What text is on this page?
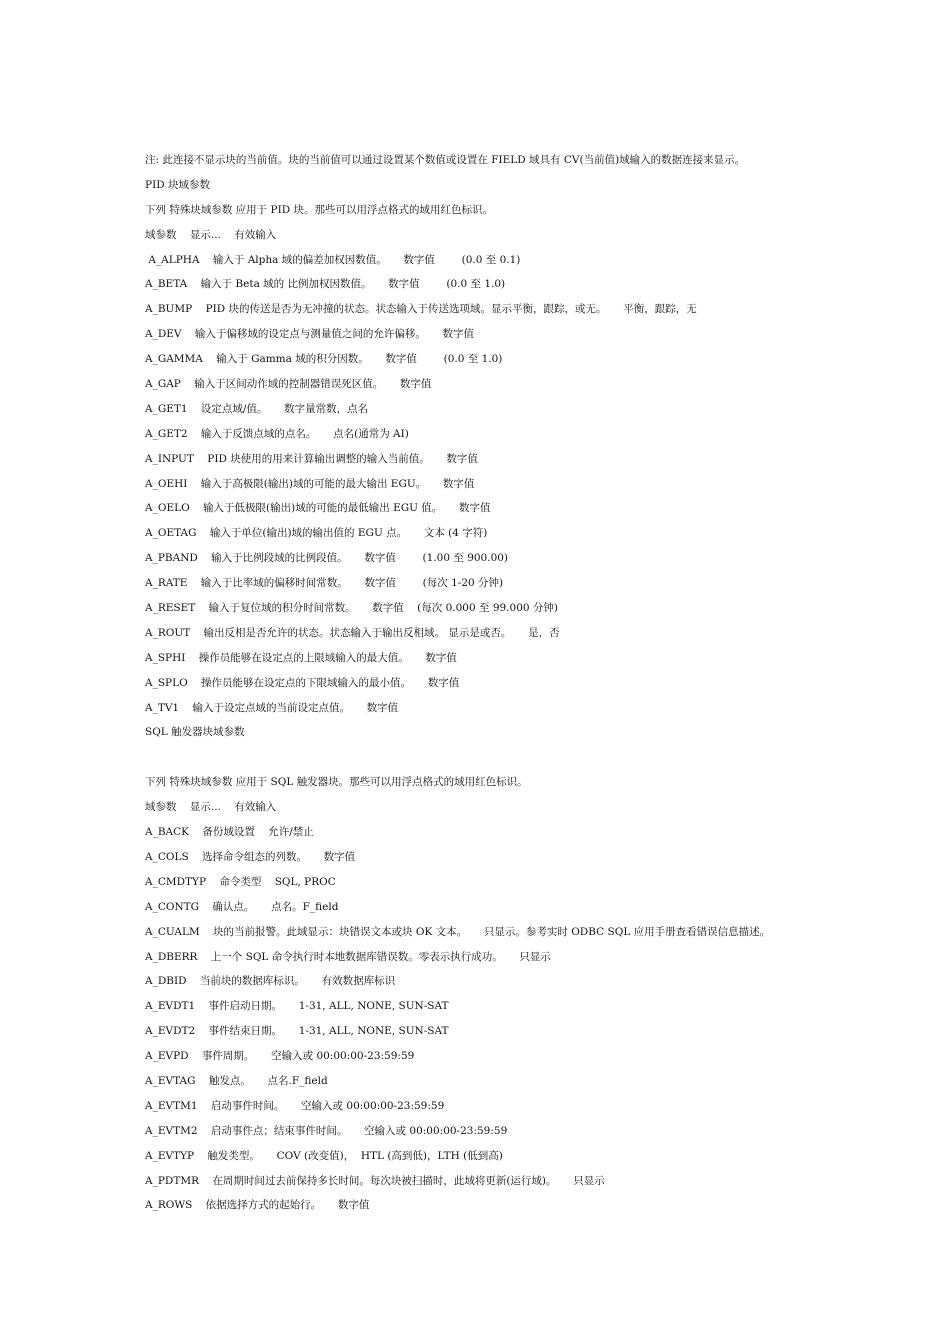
注: 此连接不显示块的当前值。块的当前值可以通过设置某个数值或设置在 FIELD 域具有 CV(当前值)域输入的数据连接来显示。
PID 块域参数
下列 特殊块域参数 应用于 PID 块。那些可以用浮点格式的域用红色标识。
域参数    显示...    有效输入
A_ALPHA    输入于 Alpha 域的偏差加权因数值。     数字值        (0.0 至 0.1)
A_BETA    输入于 Beta 域的 比例加权因数值。     数字值        (0.0 至 1.0)
A_BUMP    PID 块的传送是否为无冲撞的状态。状态输入于传送选项域。显示平衡，跟踪，或无。     平衡，跟踪，无
A_DEV    输入于偏移域的设定点与测量值之间的允许偏移。     数字值
A_GAMMA    输入于 Gamma 域的积分因数。     数字值        (0.0 至 1.0)
A_GAP    输入于区间动作域的控制器错误死区值。     数字值
A_GET1    设定点域/值。     数字量常数，点名
A_GET2    输入于反馈点域的点名。     点名(通常为 AI)
A_INPUT    PID 块使用的用来计算输出调整的输入当前值。     数字值
A_OEHI    输入于高极限(输出)域的可能的最大输出 EGU。     数字值
A_OELO    输入于低极限(输出)域的可能的最低输出 EGU 值。     数字值
A_OETAG    输入于单位(输出)域的输出值的 EGU 点。     文本 (4 字符)
A_PBAND    输入于比例段域的比例段值。     数字值        (1.00 至 900.00)
A_RATE    输入于比率域的偏移时间常数。     数字值        (每次 1-20 分钟)
A_RESET    输入于复位域的积分时间常数。     数字值    (每次 0.000 至 99.000 分钟)
A_ROUT    输出反相是否允许的状态。状态输入于输出反相域。 显示是或否。     是，否
A_SPHI    操作员能够在设定点的上限域输入的最大值。     数字值
A_SPLO    操作员能够在设定点的下限域输入的最小值。     数字值
A_TV1    输入于设定点域的当前设定点值。     数字值
SQL 触发器块域参数
下列 特殊块域参数 应用于 SQL 触发器块。那些可以用浮点格式的域用红色标识。
域参数    显示...    有效输入
A_BACK    备份域设置    允许/禁止
A_COLS    选择命令组态的列数。     数字值
A_CMDTYP    命令类型    SQL, PROC
A_CONTG    确认点。     点名。F_field
A_CUALM    块的当前报警。此域显示：块错误文本或块 OK 文本。     只显示。参考实时 ODBC SQL 应用手册查看错误信息描述。
A_DBERR    上一个 SQL 命令执行时本地数据库错误数。零表示执行成功。     只显示
A_DBID    当前块的数据库标识。     有效数据库标识
A_EVDT1    事件启动日期。     1-31, ALL, NONE, SUN-SAT
A_EVDT2    事件结束日期。     1-31, ALL, NONE, SUN-SAT
A_EVPD    事件周期。     空输入或 00:00:00-23:59:59
A_EVTAG    触发点。     点名.F_field
A_EVTM1    启动事件时间。     空输入或 00:00:00-23:59:59
A_EVTM2    启动事件点；结束事件时间。     空输入或 00:00:00-23:59:59
A_EVTYP    触发类型。     COV (改变值)，  HTL (高到低)，LTH (低到高)
A_PDTMR    在周期时间过去前保持多长时间。每次块被扫描时，此域将更新(运行域)。     只显示
A_ROWS    依据选择方式的起始行。     数字值
